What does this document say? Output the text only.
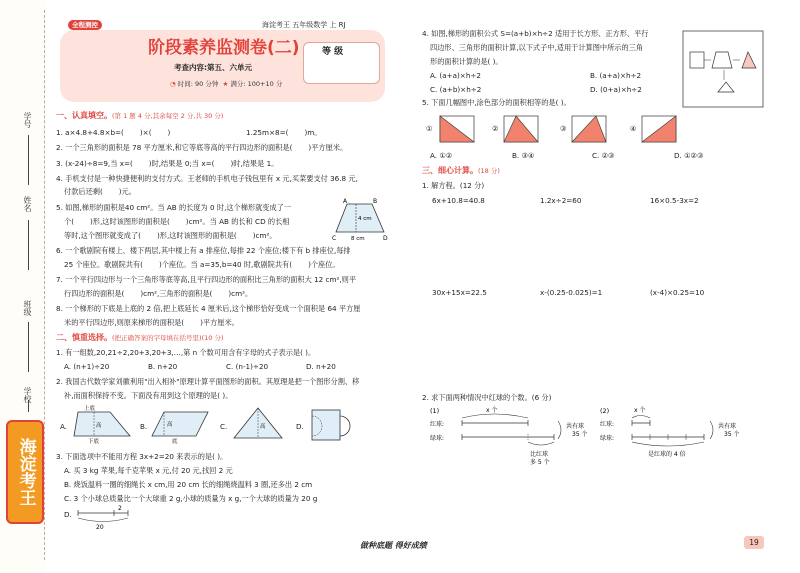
学号
姓名
班级
学校
海淀考王
全程测控	海淀考王 五年级数学 上 RJ
阶段素养监测卷(二)
考查内容:第五、六单元
◔ 时间: 90 分钟 ★ 满分: 100+10 分
等 级
一、认真填空。(第 1 题 4 分,其余每空 2 分,共 30 分)
1. a×4.8+4.8×b=( )×( )	1.25m×8=( )m。
2. 一个三角形的面积是 78 平方厘米,和它等底等高的平行四边形的面积是( )平方厘米。
3. (x-24)÷8=9,当 x=( )时,结果是 0;当 x=( )时,结果是 1。
4. 手机支付是一种快捷便利的支付方式。王老师的手机电子钱包里有 x 元,买菜要支付 36.8 元,
付款后还剩( )元。
5. 如图,梯形的面积是40 cm²。当 AB 的长度为 0 时,这个梯形就变成了一
个( )形,这时该图形的面积是( )cm²。当 AB 的长和 CD 的长相
等时,这个图形就变成了( )形,这时该图形的面积是( )cm²。
A	B
C	D
4 cm
8 cm
6. 一个歌剧院有楼上、楼下两层,其中楼上有 a 排座位,每排 22 个座位;楼下有 b 排座位,每排
25 个座位。歌剧院共有( )个座位。当 a=35,b=40 时,歌剧院共有( )个座位。
7. 一个平行四边形与一个三角形等底等高,且平行四边形的面积比三角形的面积大 12 cm²,则平
行四边形的面积是( )cm²,三角形的面积是( )cm²。
8. 一个梯形的下底是上底的 2 倍,把上底延长 4 厘米后,这个梯形恰好变成一个面积是 64 平方厘
米的平行四边形,则原来梯形的面积是( )平方厘米。
二、慎重选择。(把正确答案的字母填在括号里)(10 分)
1. 有一组数,20,21÷2,20+3,20+3,…,第 n 个数可用含有字母的式子表示是( )。
A. (n+1)÷20	B. n+20	C. (n-1)÷20	D. n+20
2. 我国古代数学家刘徽利用"出入相补"原理计算平面图形的面积。其原理是把一个图形分割、移
补,而面积保持不变。下面没有用到这个原理的是( )。
A.
上底
下底
高	B.	高
底
C.	高	D.
3. 下面选项中不能用方程 3x+2=20 来表示的是( )。
A. 买 3 kg 苹果,每千克苹果 x 元,付 20 元,找回 2 元
B. 烧饭温料一圈的细绳长 x cm,用 20 cm 长的细绳烧温料 3 圈,还多出 2 cm
C. 3 个小球总质量比一个大球重 2 g,小球的质量为 x g,一个大球的质量为 20 g
D.
2
20
4. 如图,梯形的面积公式 S=(a+b)×h÷2 适用于长方形、正方形、平行
四边形、三角形的面积计算,以下式子中,适用于计算图中所示的三角
形的面积计算的是( )。
A. (a+a)×h÷2	B. (a+a)×h÷2
C. (a+b)×h÷2	D. (0+a)×h÷2
5. 下面几幅图中,涂色部分的面积相等的是( )。
①	②	③	④
A. ①②	B. ③④	C. ②③	D. ①②③
三、细心计算。(18 分)
1. 解方程。(12 分)
6x+10.8=40.8	1.2x÷2=60	16×0.5-3x=2
30x+15x=22.5	x-(0.25-0.025)=1	(x-4)×0.25=10
2. 求下面两种情况中红球的个数。(6 分)
(1)	x 个
红球:
绿球:
比红球
多 5 个
共有球
35 个
(2)	x 个
红球:
绿球:
是红球的 4 倍
共有球
35 个
做种底题 得好成绩	19
